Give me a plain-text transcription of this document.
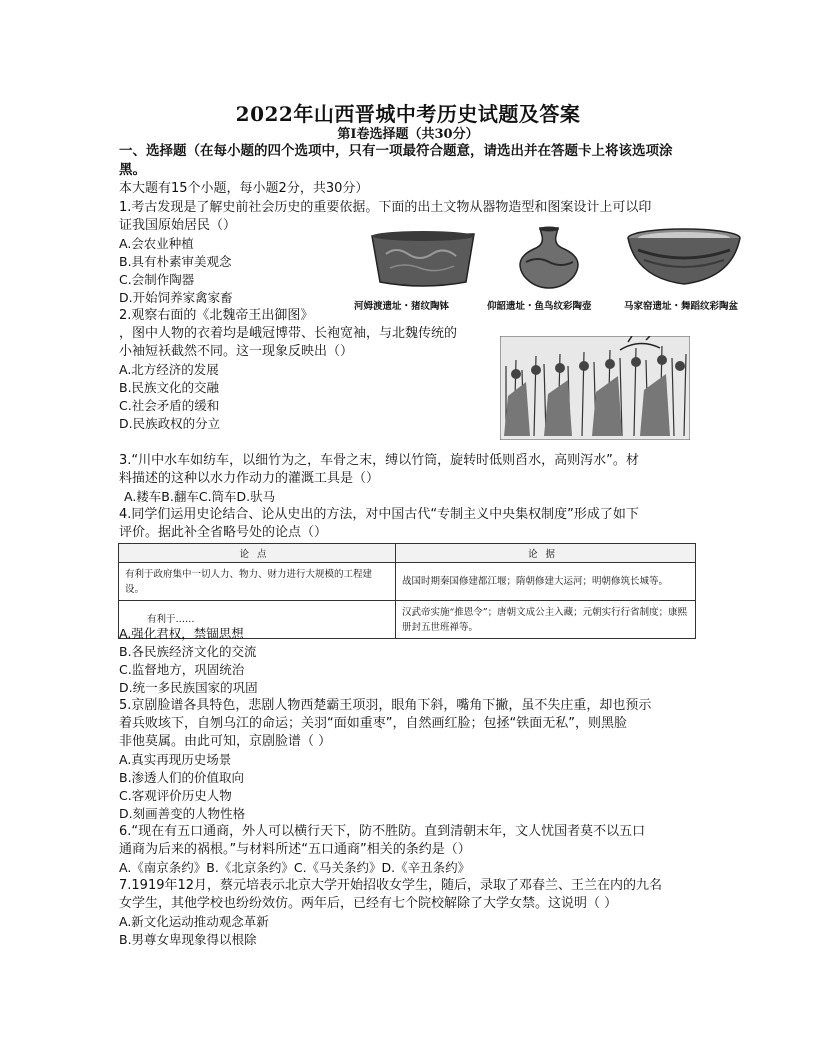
2022年山西晋城中考历史试题及答案
第Ⅰ卷选择题（共30分）
一、选择题（在每小题的四个选项中，只有一项最符合题意，请选出并在答题卡上将该选项涂黑。
本大题有15个小题，每小题2分，共30分）
1.考古发现是了解史前社会历史的重要依据。下面的出土文物从器物造型和图案设计上可以印
证我国原始居民（）
A.会农业种植
B.具有朴素审美观念
C.会制作陶器
D.开始饲养家禽家畜
河姆渡遗址・猪纹陶钵	仰韶遗址・鱼鸟纹彩陶壶	马家窑遗址・舞蹈纹彩陶盆
2.观察右面的《北魏帝王出御图》
，图中人物的衣着均是峨冠博带、长袍宽袖，与北魏传统的
小袖短袄截然不同。这一现象反映出（）
A.北方经济的发展
B.民族文化的交融
C.社会矛盾的缓和
D.民族政权的分立
3.“川中水车如纺车，以细竹为之，车骨之末，缚以竹筒，旋转时低则舀水，高则泻水”。材
料描述的这种以水力作动力的灌溉工具是（）
A.耧车B.翻车C.筒车D.驮马
4.同学们运用史论结合、论从史出的方法，对中国古代“专制主义中央集权制度”形成了如下
评价。据此补全省略号处的论点（）
论点	论据
有利于政府集中一切人力、物力、财力进行大规模的工程建设。	战国时期秦国修建都江堰；隋朝修建大运河；明朝修筑长城等。
有利于……	汉武帝实施“推恩令”；唐朝文成公主入藏；元朝实行行省制度；康熙册封五世班禅等。
A.强化君权，禁锢思想
B.各民族经济文化的交流
C.监督地方，巩固统治
D.统一多民族国家的巩固
5.京剧脸谱各具特色，悲剧人物西楚霸王项羽，眼角下斜，嘴角下撇，虽不失庄重，却也预示
着兵败垓下，自刎乌江的命运；关羽“面如重枣”，自然画红脸；包拯“铁面无私”，则黑脸
非他莫属。由此可知，京剧脸谱（ ）
A.真实再现历史场景
B.渗透人们的价值取向
C.客观评价历史人物
D.刻画善变的人物性格
6.“现在有五口通商，外人可以横行天下，防不胜防。直到清朝末年，文人忧国者莫不以五口
通商为后来的祸根。”与材料所述“五口通商”相关的条约是（）
A.《南京条约》B.《北京条约》C.《马关条约》D.《辛丑条约》
7.1919年12月，蔡元培表示北京大学开始招收女学生，随后，录取了邓春兰、王兰在内的九名
女学生，其他学校也纷纷效仿。两年后，已经有七个院校解除了大学女禁。这说明（ ）
A.新文化运动推动观念革新
B.男尊女卑现象得以根除
